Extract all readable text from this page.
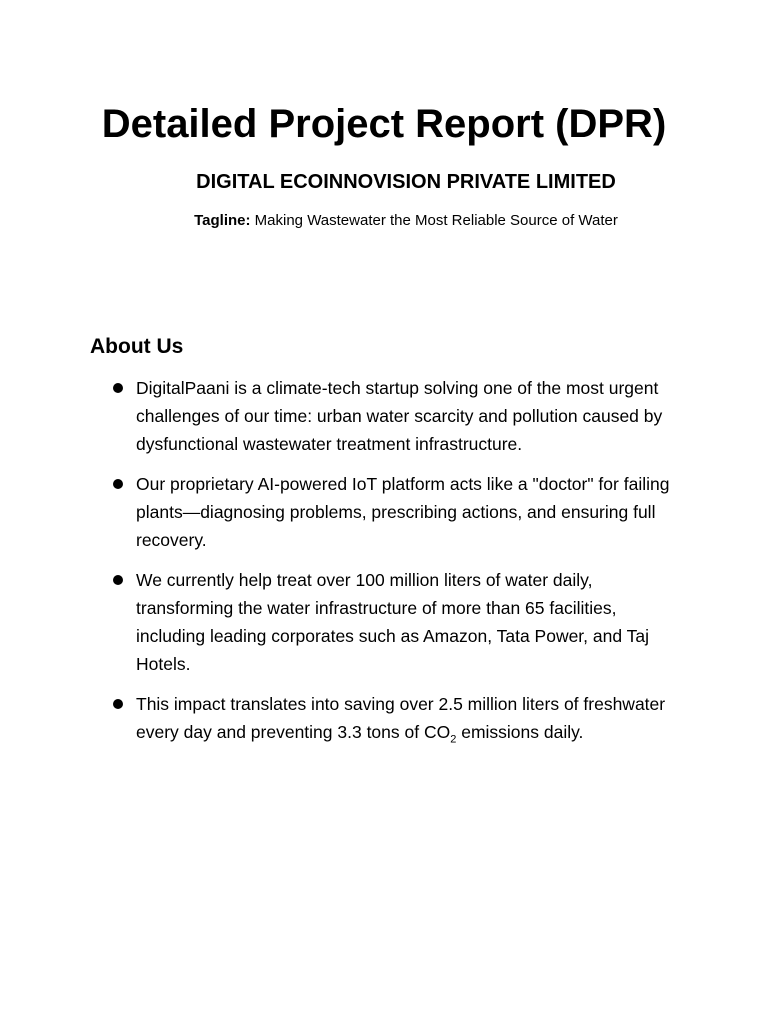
Detailed Project Report (DPR)
DIGITAL ECOINNOVISION PRIVATE LIMITED
Tagline: Making Wastewater the Most Reliable Source of Water
About Us
DigitalPaani is a climate-tech startup solving one of the most urgent challenges of our time: urban water scarcity and pollution caused by dysfunctional wastewater treatment infrastructure.
Our proprietary AI-powered IoT platform acts like a "doctor" for failing plants—diagnosing problems, prescribing actions, and ensuring full recovery.
We currently help treat over 100 million liters of water daily, transforming the water infrastructure of more than 65 facilities, including leading corporates such as Amazon, Tata Power, and Taj Hotels.
This impact translates into saving over 2.5 million liters of freshwater every day and preventing 3.3 tons of $CO_2$ emissions daily.
